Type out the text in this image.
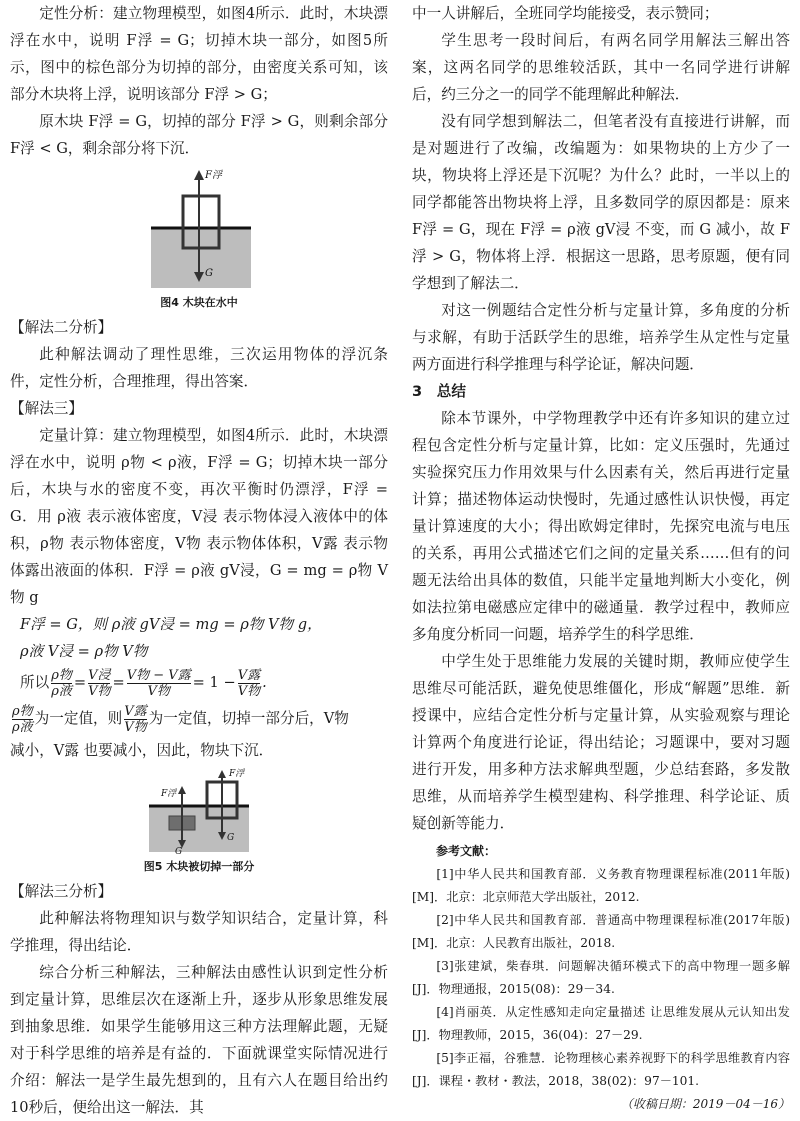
定性分析：建立物理模型，如图4所示．此时，木块漂浮在水中，说明 F浮 = G；切掉木块一部分，如图5所示，图中的棕色部分为切掉的部分，由密度关系可知，该部分木块将上浮，说明该部分 F浮 > G；

原木块 F浮 = G，切掉的部分 F浮 > G，则剩余部分 F浮 < G，剩余部分将下沉．

F浮
G

图4 木块在水中

【解法二分析】

此种解法调动了理性思维，三次运用物体的浮沉条件，定性分析，合理推理，得出答案．

【解法三】

定量计算：建立物理模型，如图4所示．此时，木块漂浮在水中，说明 ρ物 < ρ液，F浮 = G；切掉木块一部分后，木块与水的密度不变，再次平衡时仍漂浮，F浮 = G．用 ρ液 表示液体密度，V浸 表示物体浸入液体中的体积，ρ物 表示物体密度，V物 表示物体体积，V露 表示物体露出液面的体积．F浮 = ρ液 gV浸，G = mg = ρ物 V物 g

F浮 = G，则 ρ液 gV浸 = mg = ρ物 V物 g，

ρ液 V浸 = ρ物 V物

所以 $\frac{\text{ρ物}}{\text{ρ液}} = \frac{\text{V浸}}{\text{V物}} = \frac{\text{V物 − V露}}{\text{V物}} = 1 - \frac{\text{V露}}{\text{V物}}$ .

$\frac{\text{ρ物}}{\text{ρ液}}$ 为一定值，则 $\frac{\text{V露}}{\text{V物}}$ 为一定值，切掉一部分后，V物

减小，V露 也要减小，因此，物块下沉．

F浮
G
F浮
G

图5 木块被切掉一部分

【解法三分析】

此种解法将物理知识与数学知识结合，定量计算，科学推理，得出结论．

综合分析三种解法，三种解法由感性认识到定性分析到定量计算，思维层次在逐渐上升，逐步从形象思维发展到抽象思维．如果学生能够用这三种方法理解此题，无疑对于科学思维的培养是有益的．下面就课堂实际情况进行介绍：解法一是学生最先想到的，且有六人在题目给出约10秒后，便给出这一解法．其

中一人讲解后，全班同学均能接受，表示赞同；

学生思考一段时间后，有两名同学用解法三解出答案，这两名同学的思维较活跃，其中一名同学进行讲解后，约三分之一的同学不能理解此种解法．

没有同学想到解法二，但笔者没有直接进行讲解，而是对题进行了改编，改编题为：如果物块的上方少了一块，物块将上浮还是下沉呢？为什么？此时，一半以上的同学都能答出物块将上浮，且多数同学的原因都是：原来 F浮 = G，现在 F浮 = ρ液 gV浸 不变，而 G 减小，故 F浮 > G，物体将上浮．根据这一思路，思考原题，便有同学想到了解法二．

对这一例题结合定性分析与定量计算，多角度的分析与求解，有助于活跃学生的思维，培养学生从定性与定量两方面进行科学推理与科学论证，解决问题．

3　总结

除本节课外，中学物理教学中还有许多知识的建立过程包含定性分析与定量计算，比如：定义压强时，先通过实验探究压力作用效果与什么因素有关，然后再进行定量计算；描述物体运动快慢时，先通过感性认识快慢，再定量计算速度的大小；得出欧姆定律时，先探究电流与电压的关系，再用公式描述它们之间的定量关系……但有的问题无法给出具体的数值，只能半定量地判断大小变化，例如法拉第电磁感应定律中的磁通量．教学过程中，教师应多角度分析同一问题，培养学生的科学思维．

中学生处于思维能力发展的关键时期，教师应使学生思维尽可能活跃，避免使思维僵化，形成“解题”思维．新授课中，应结合定性分析与定量计算，从实验观察与理论计算两个角度进行论证，得出结论；习题课中，要对习题进行开发，用多种方法求解典型题，少总结套路，多发散思维，从而培养学生模型建构、科学推理、科学论证、质疑创新等能力．

参考文献：

[1]中华人民共和国教育部．义务教育物理课程标准(2011年版)[M]．北京：北京师范大学出版社，2012.

[2]中华人民共和国教育部．普通高中物理课程标准(2017年版)[M]．北京：人民教育出版社，2018.

[3]张建斌，柴春琪．问题解决循环模式下的高中物理一题多解[J]．物理通报，2015(08)：29－34.

[4]肖丽英．从定性感知走向定量描述 让思维发展从元认知出发[J]．物理教师，2015，36(04)：27－29.

[5]李正福，谷雅慧．论物理核心素养视野下的科学思维教育内容[J]．课程・教材・教法，2018，38(02)：97－101.

（收稿日期：2019－04－16）
